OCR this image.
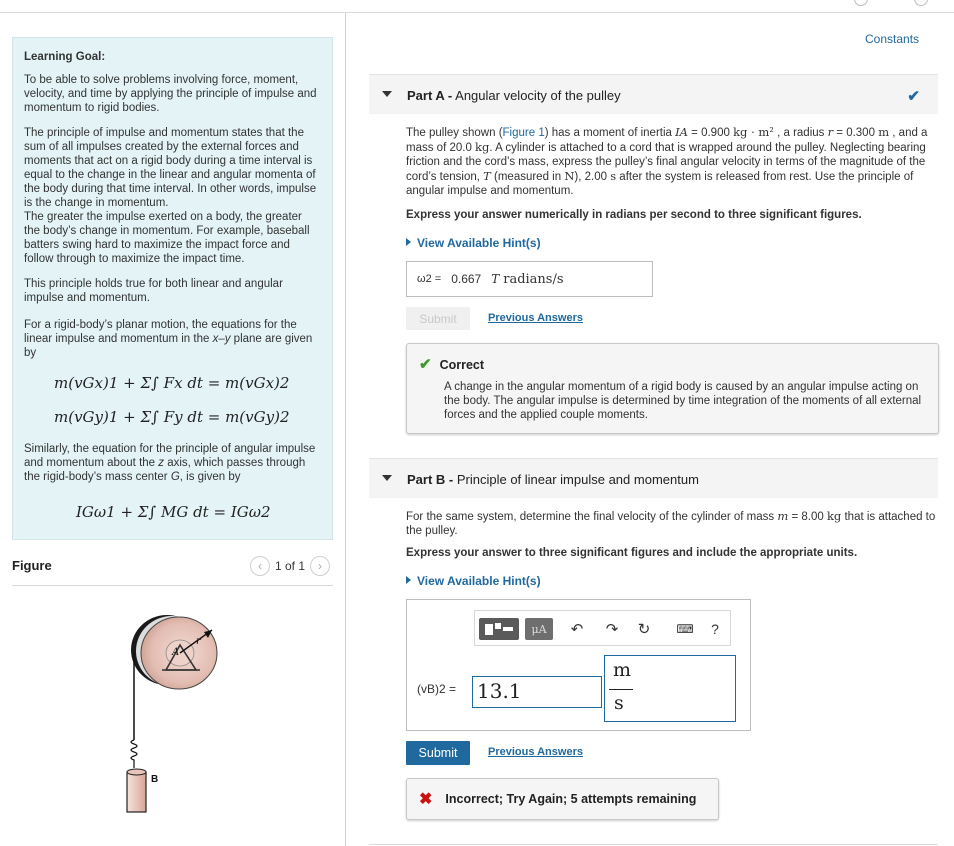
Learning Goal:

To be able to solve problems involving force, moment, velocity, and time by applying the principle of impulse and momentum to rigid bodies.

The principle of impulse and momentum states that the sum of all impulses created by the external forces and moments that act on a rigid body during a time interval is equal to the change in the linear and angular momenta of the body during that time interval. In other words, impulse is the change in momentum.

The greater the impulse exerted on a body, the greater the body’s change in momentum. For example, baseball batters swing hard to maximize the impact force and follow through to maximize the impact time.

This principle holds true for both linear and angular impulse and momentum.

For a rigid-body’s planar motion, the equations for the linear impulse and momentum in the x–y plane are given by

m(vGx)1 + Σ∫ Fx dt = m(vGx)2
m(vGy)1 + Σ∫ Fy dt = m(vGy)2

Similarly, the equation for the principle of angular impulse and momentum about the z axis, which passes through the rigid-body’s mass center G, is given by

IGω1 + Σ∫ MG dt = IGω2
Figure	‹ 1 of 1 ›
A
r
B
Constants
Part A - Angular velocity of the pulley	✔
The pulley shown (Figure 1) has a moment of inertia IA = 0.900 kg · m² , a radius r = 0.300 m , and a mass of 20.0 kg. A cylinder is attached to a cord that is wrapped around the pulley. Neglecting bearing friction and the cord’s mass, express the pulley’s final angular velocity in terms of the magnitude of the cord’s tension, T (measured in N), 2.00 s after the system is released from rest. Use the principle of angular impulse and momentum.
Express your answer numerically in radians per second to three significant figures.
View Available Hint(s)
ω2 = 0.667 T radians/s
Submit	Previous Answers
✔ Correct
A change in the angular momentum of a rigid body is caused by an angular impulse acting on the body. The angular impulse is determined by time integration of the moments of all external forces and the applied couple moments.
Part B - Principle of linear impulse and momentum
For the same system, determine the final velocity of the cylinder of mass m = 8.00 kg that is attached to the pulley.
Express your answer to three significant figures and include the appropriate units.
View Available Hint(s)
μA	↶ ↷ ↻	⌨	?
(vB)2 = 13.1
m
s
Submit	Previous Answers
✖ Incorrect; Try Again; 5 attempts remaining
